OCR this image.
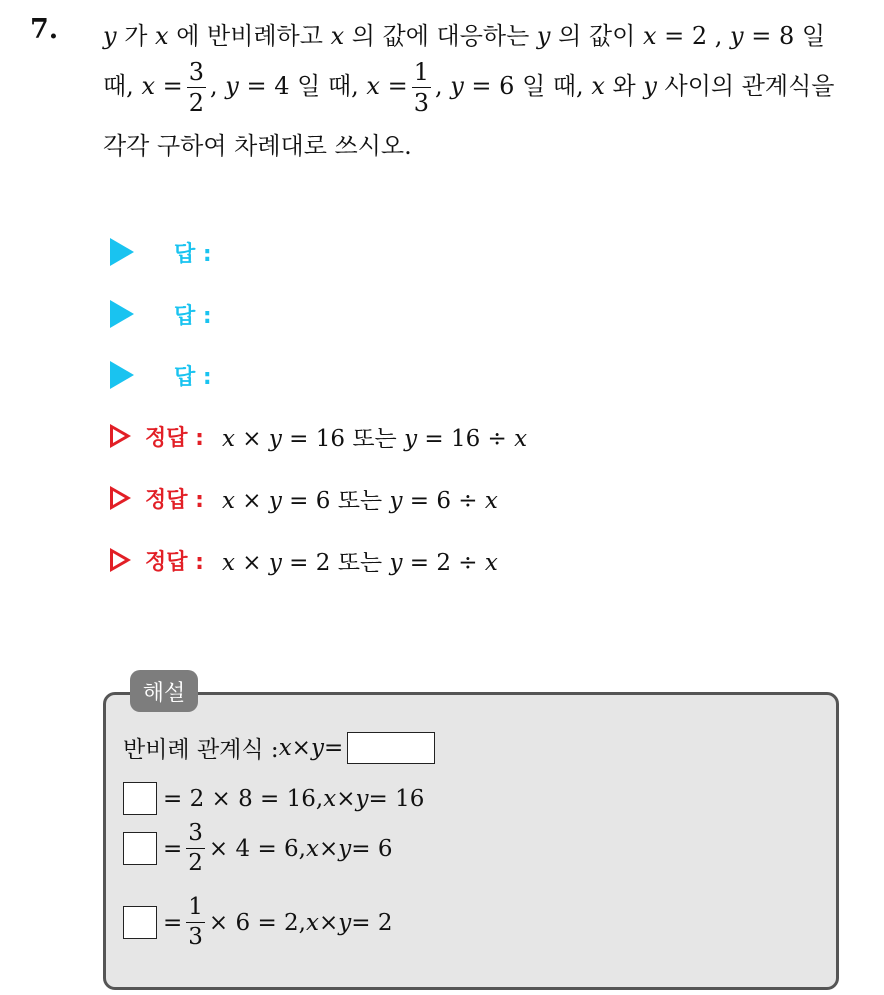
7. y 가 x 에 반비례하고 x 의 값에 대응하는 y 의 값이 x = 2 , y = 8 일
때, $x = \frac{3}{2}$ , y = 4 일 때, $x = \frac{1}{3}$ , y = 6 일 때, x 와 y 사이의 관계식을
각각 구하여 차례대로 쓰시오.
답 :
답 :
답 :
정답 : x × y = 16 또는 y = 16 ÷ x
정답 : x × y = 6 또는 y = 6 ÷ x
정답 : x × y = 2 또는 y = 2 ÷ x
해설
반비례 관계식 : x × y =
= 2 × 8 = 16, x × y = 16
= $\frac{3}{2} \times 4 = 6$, x × y = 6
= $\frac{1}{3} \times 6 = 2$, x × y = 2
